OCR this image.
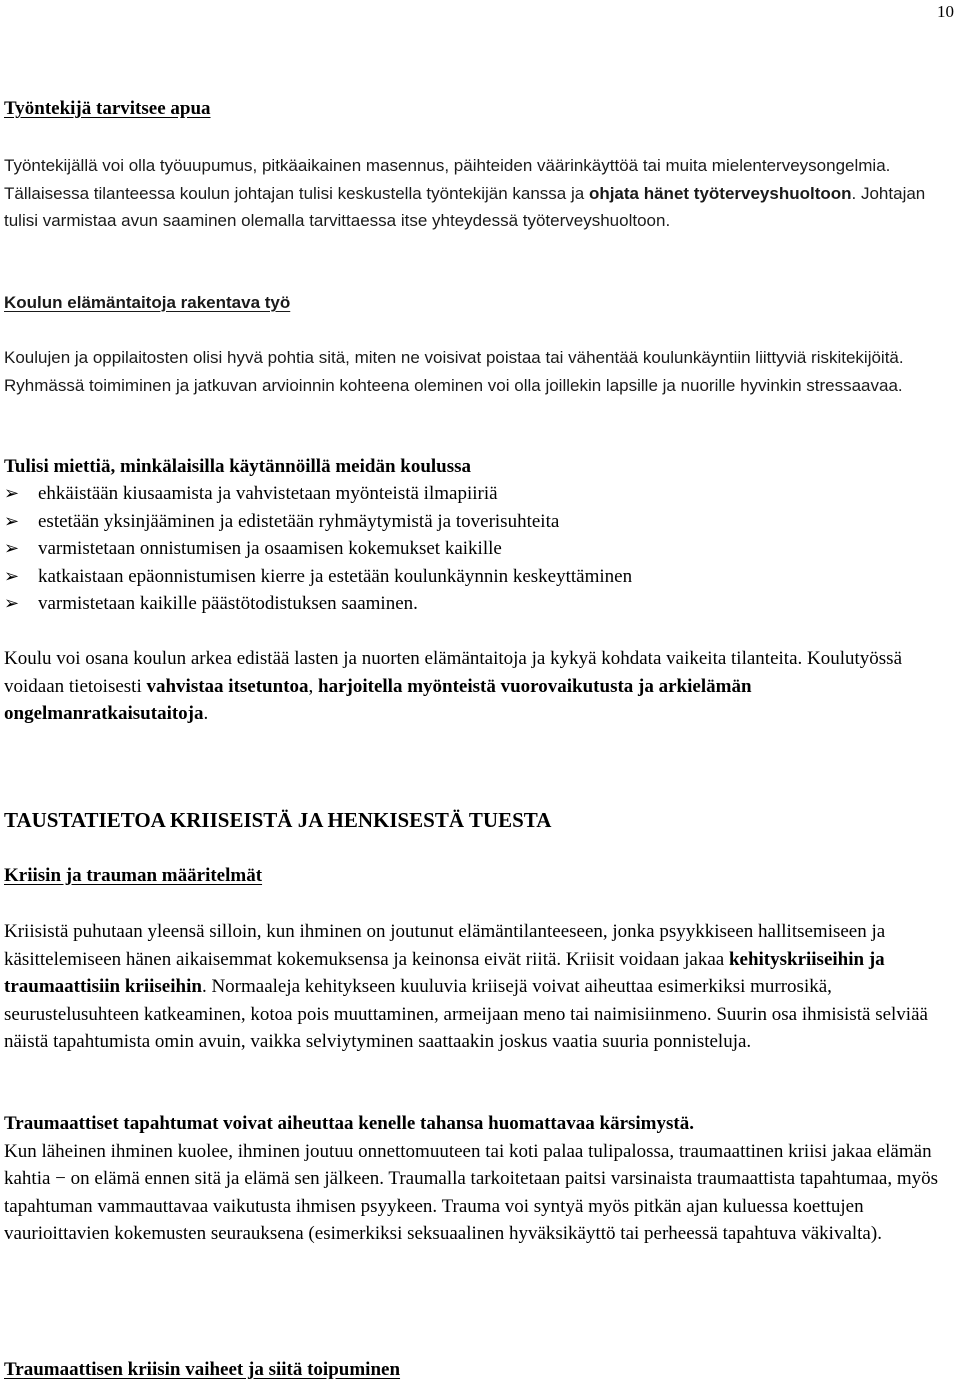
10
Työntekijä tarvitsee apua

Työntekijällä voi olla työuupumus, pitkäaikainen masennus, päihteiden väärinkäyttöä tai muita mielenterveysongelmia. Tällaisessa tilanteessa koulun johtajan tulisi keskustella työntekijän kanssa ja ohjata hänet työterveyshuoltoon. Johtajan tulisi varmistaa avun saaminen olemalla tarvittaessa itse yhteydessä työterveyshuoltoon.

Koulun elämäntaitoja rakentava työ

Koulujen ja oppilaitosten olisi hyvä pohtia sitä, miten ne voisivat poistaa tai vähentää koulunkäyntiin liittyviä riskitekijöitä. Ryhmässä toimiminen ja jatkuvan arvioinnin kohteena oleminen voi olla joillekin lapsille ja nuorille hyvinkin stressaavaa.

Tulisi miettiä, minkälaisilla käytännöillä meidän koulussa
➢ ehkäistään kiusaamista ja vahvistetaan myönteistä ilmapiiriä
➢ estetään yksinjääminen ja edistetään ryhmäytymistä ja toverisuhteita
➢ varmistetaan onnistumisen ja osaamisen kokemukset kaikille
➢ katkaistaan epäonnistumisen kierre ja estetään koulunkäynnin keskeyttäminen
➢ varmistetaan kaikille päästötodistuksen saaminen.

Koulu voi osana koulun arkea edistää lasten ja nuorten elämäntaitoja ja kykyä kohdata vaikeita tilanteita. Koulutyössä voidaan tietoisesti vahvistaa itsetuntoa, harjoitella myönteistä vuorovaikutusta ja arkielämän ongelmanratkaisutaitoja.

TAUSTATIETOA KRIISEISTÄ JA HENKISESTÄ TUESTA
Kriisin ja trauman määritelmät

Kriisistä puhutaan yleensä silloin, kun ihminen on joutunut elämäntilanteeseen, jonka psyykkiseen hallitsemiseen ja käsittelemiseen hänen aikaisemmat kokemuksensa ja keinonsa eivät riitä. Kriisit voidaan jakaa kehityskriiseihin ja traumaattisiin kriiseihin. Normaaleja kehitykseen kuuluvia kriisejä voivat aiheuttaa esimerkiksi murrosikä, seurustelusuhteen katkeaminen, kotoa pois muuttaminen, armeijaan meno tai naimisiinmeno. Suurin osa ihmisistä selviää näistä tapahtumista omin avuin, vaikka selviytyminen saattaakin joskus vaatia suuria ponnisteluja.

Traumaattiset tapahtumat voivat aiheuttaa kenelle tahansa huomattavaa kärsimystä.
Kun läheinen ihminen kuolee, ihminen joutuu onnettomuuteen tai koti palaa tulipalossa, traumaattinen kriisi jakaa elämän kahtia − on elämä ennen sitä ja elämä sen jälkeen. Traumalla tarkoitetaan paitsi varsinaista traumaattista tapahtumaa, myös tapahtuman vammauttavaa vaikutusta ihmisen psyykeen. Trauma voi syntyä myös pitkän ajan kuluessa koettujen vaurioittavien kokemusten seurauksena (esimerkiksi seksuaalinen hyväksikäyttö tai perheessä tapahtuva väkivalta).

Traumaattisen kriisin vaiheet ja siitä toipuminen
